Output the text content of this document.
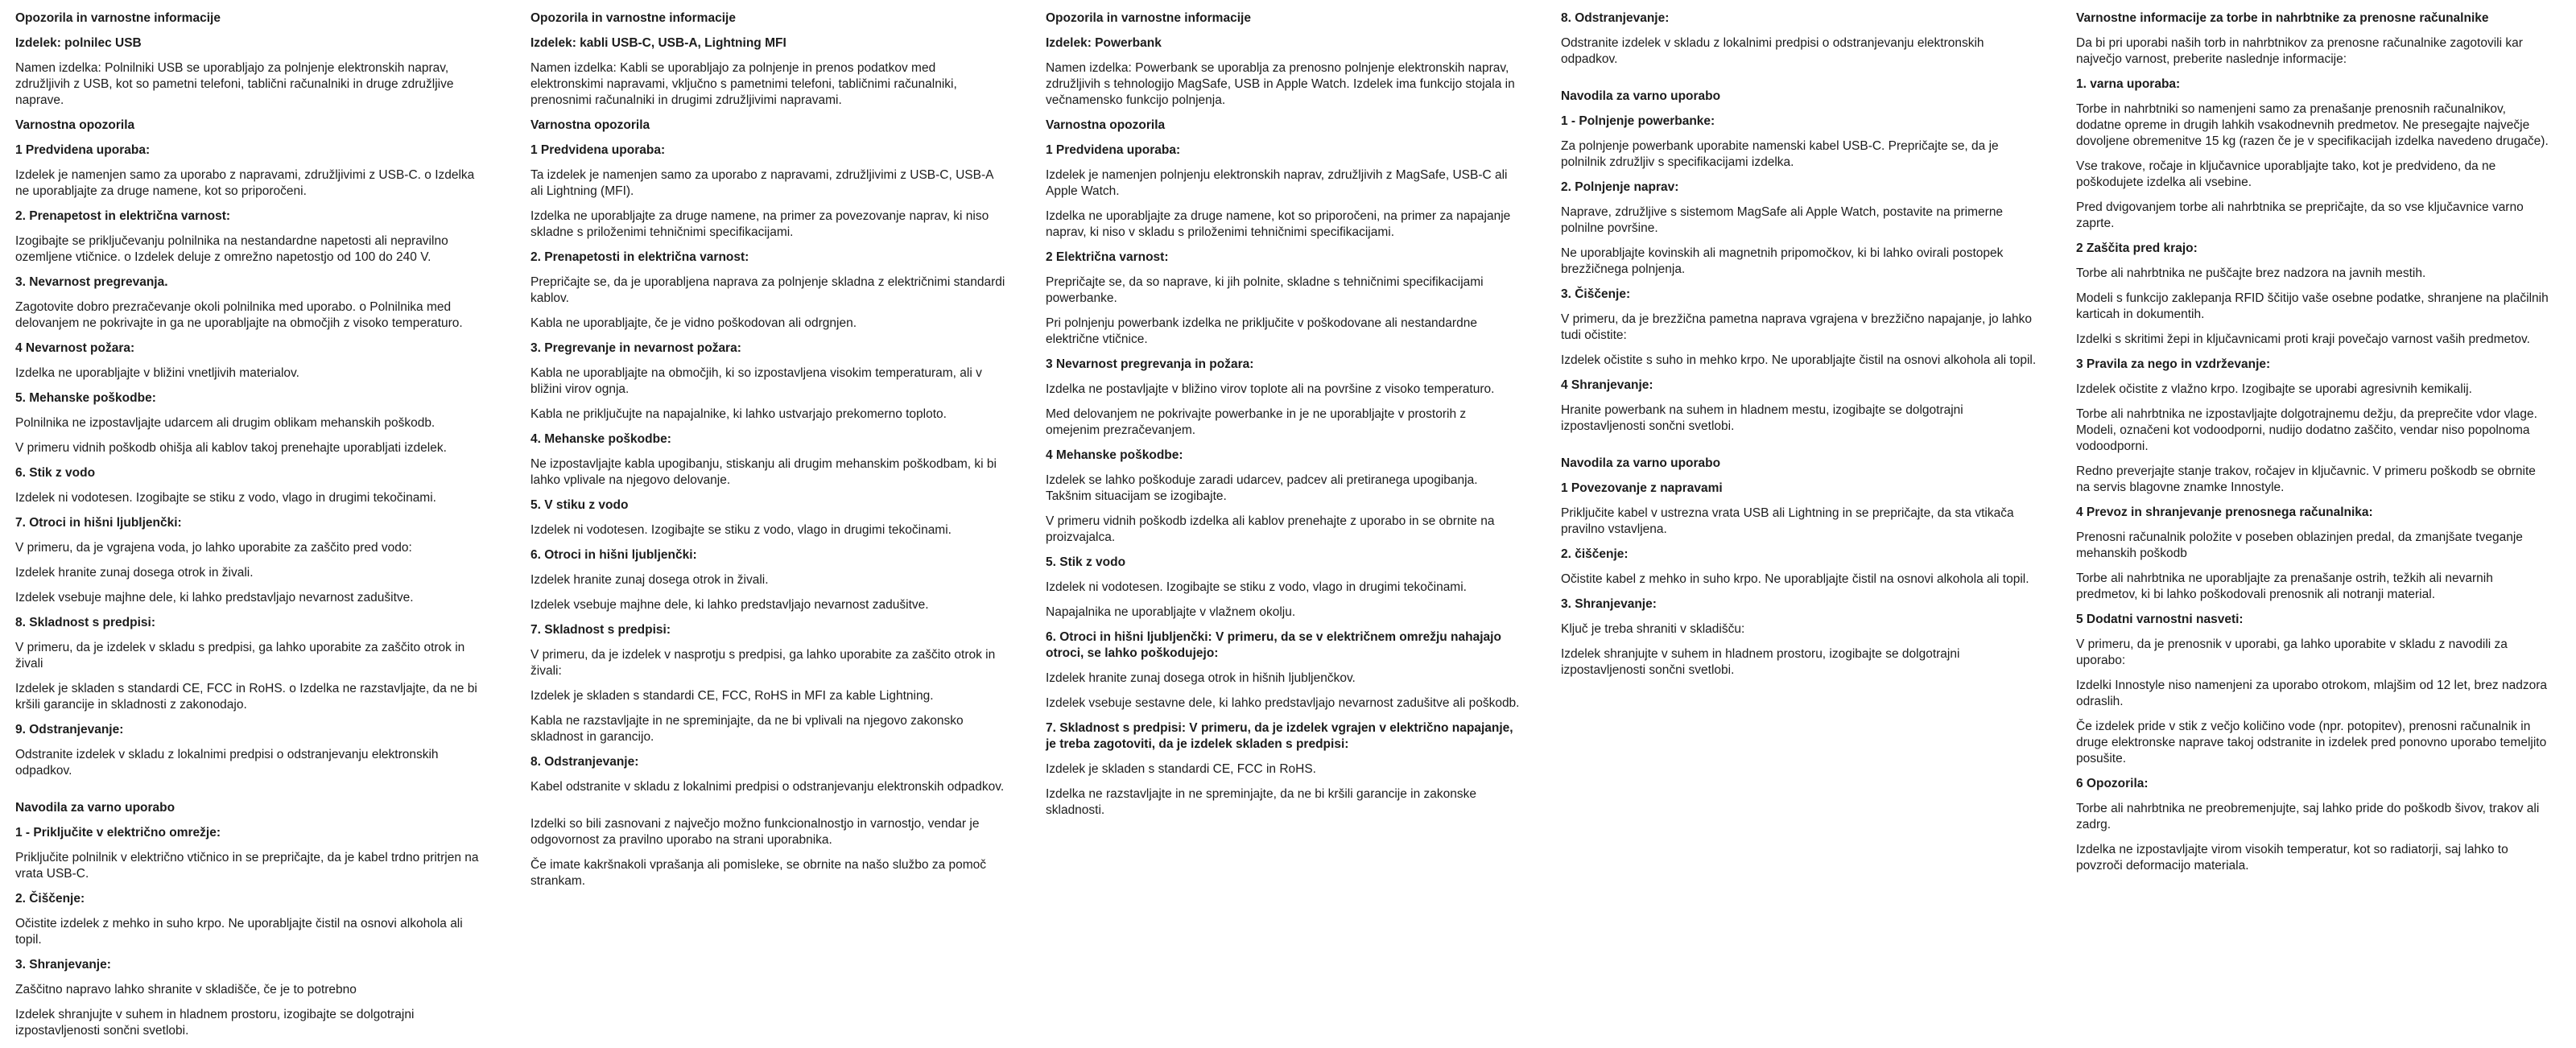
Opozorila in varnostne informacije
Izdelek: polnilec USB

Namen izdelka: Polnilniki USB se uporabljajo za polnjenje elektronskih naprav, združljivih z USB, kot so pametni telefoni, tablični računalniki in druge združljive naprave.

Varnostna opozorila
1 Predvidena uporaba:

Izdelek je namenjen samo za uporabo z napravami, združljivimi z USB-C. o Izdelka ne uporabljajte za druge namene, kot so priporočeni.

2. Prenapetost in električna varnost:

Izogibajte se priključevanju polnilnika na nestandardne napetosti ali nepravilno ozemljene vtičnice. o Izdelek deluje z omrežno napetostjo od 100 do 240 V.

3. Nevarnost pregrevanja.

Zagotovite dobro prezračevanje okoli polnilnika med uporabo. o Polnilnika med delovanjem ne pokrivajte in ga ne uporabljajte na območjih z visoko temperaturo.

4 Nevarnost požara:

Izdelka ne uporabljajte v bližini vnetljivih materialov.

5. Mehanske poškodbe:

Polnilnika ne izpostavljajte udarcem ali drugim oblikam mehanskih poškodb.

V primeru vidnih poškodb ohišja ali kablov takoj prenehajte uporabljati izdelek.

6. Stik z vodo

Izdelek ni vodotesen. Izogibajte se stiku z vodo, vlago in drugimi tekočinami.

7. Otroci in hišni ljubljenčki:

V primeru, da je vgrajena voda, jo lahko uporabite za zaščito pred vodo:

Izdelek hranite zunaj dosega otrok in živali.

Izdelek vsebuje majhne dele, ki lahko predstavljajo nevarnost zadušitve.

8. Skladnost s predpisi:

V primeru, da je izdelek v skladu s predpisi, ga lahko uporabite za zaščito otrok in živali

Izdelek je skladen s standardi CE, FCC in RoHS. o Izdelka ne razstavljajte, da ne bi kršili garancije in skladnosti z zakonodajo.

9. Odstranjevanje:

Odstranite izdelek v skladu z lokalnimi predpisi o odstranjevanju elektronskih odpadkov.

Navodila za varno uporabo
1 - Priključite v električno omrežje:

Priključite polnilnik v električno vtičnico in se prepričajte, da je kabel trdno pritrjen na vrata USB-C.

2. Čiščenje:

Očistite izdelek z mehko in suho krpo. Ne uporabljajte čistil na osnovi alkohola ali topil.

3. Shranjevanje:

Zaščitno napravo lahko shranite v skladišče, če je to potrebno

Izdelek shranjujte v suhem in hladnem prostoru, izogibajte se dolgotrajni izpostavljenosti sončni svetlobi.

Opozorila in varnostne informacije
Izdelek: kabli USB-C, USB-A, Lightning MFI

Namen izdelka: Kabli se uporabljajo za polnjenje in prenos podatkov med elektronskimi napravami, vključno s pametnimi telefoni, tabličnimi računalniki, prenosnimi računalniki in drugimi združljivimi napravami.

Varnostna opozorila
1 Predvidena uporaba:

Ta izdelek je namenjen samo za uporabo z napravami, združljivimi z USB-C, USB-A ali Lightning (MFI).

Izdelka ne uporabljajte za druge namene, na primer za povezovanje naprav, ki niso skladne s priloženimi tehničnimi specifikacijami.

2. Prenapetosti in električna varnost:

Prepričajte se, da je uporabljena naprava za polnjenje skladna z električnimi standardi kablov.

Kabla ne uporabljajte, če je vidno poškodovan ali odrgnjen.

3. Pregrevanje in nevarnost požara:

Kabla ne uporabljajte na območjih, ki so izpostavljena visokim temperaturam, ali v bližini virov ognja.

Kabla ne priključujte na napajalnike, ki lahko ustvarjajo prekomerno toploto.

4. Mehanske poškodbe:

Ne izpostavljajte kabla upogibanju, stiskanju ali drugim mehanskim poškodbam, ki bi lahko vplivale na njegovo delovanje.

5. V stiku z vodo

Izdelek ni vodotesen. Izogibajte se stiku z vodo, vlago in drugimi tekočinami.

6. Otroci in hišni ljubljenčki:

Izdelek hranite zunaj dosega otrok in živali.

Izdelek vsebuje majhne dele, ki lahko predstavljajo nevarnost zadušitve.

7. Skladnost s predpisi:

V primeru, da je izdelek v nasprotju s predpisi, ga lahko uporabite za zaščito otrok in živali:

Izdelek je skladen s standardi CE, FCC, RoHS in MFI za kable Lightning.

Kabla ne razstavljajte in ne spreminjajte, da ne bi vplivali na njegovo zakonsko skladnost in garancijo.

8. Odstranjevanje:

Kabel odstranite v skladu z lokalnimi predpisi o odstranjevanju elektronskih odpadkov.

Izdelki so bili zasnovani z največjo možno funkcionalnostjo in varnostjo, vendar je odgovornost za pravilno uporabo na strani uporabnika.

Če imate kakršnakoli vprašanja ali pomisleke, se obrnite na našo službo za pomoč strankam.

Opozorila in varnostne informacije
Izdelek: Powerbank

Namen izdelka: Powerbank se uporablja za prenosno polnjenje elektronskih naprav, združljivih s tehnologijo MagSafe, USB in Apple Watch. Izdelek ima funkcijo stojala in večnamensko funkcijo polnjenja.

Varnostna opozorila
1 Predvidena uporaba:

Izdelek je namenjen polnjenju elektronskih naprav, združljivih z MagSafe, USB-C ali Apple Watch.

Izdelka ne uporabljajte za druge namene, kot so priporočeni, na primer za napajanje naprav, ki niso v skladu s priloženimi tehničnimi specifikacijami.

2 Električna varnost:

Prepričajte se, da so naprave, ki jih polnite, skladne s tehničnimi specifikacijami powerbanke.

Pri polnjenju powerbank izdelka ne priključite v poškodovane ali nestandardne električne vtičnice.

3 Nevarnost pregrevanja in požara:

Izdelka ne postavljajte v bližino virov toplote ali na površine z visoko temperaturo.

Med delovanjem ne pokrivajte powerbanke in je ne uporabljajte v prostorih z omejenim prezračevanjem.

4 Mehanske poškodbe:

Izdelek se lahko poškoduje zaradi udarcev, padcev ali pretiranega upogibanja. Takšnim situacijam se izogibajte.

V primeru vidnih poškodb izdelka ali kablov prenehajte z uporabo in se obrnite na proizvajalca.

5. Stik z vodo

Izdelek ni vodotesen. Izogibajte se stiku z vodo, vlago in drugimi tekočinami.

Napajalnika ne uporabljajte v vlažnem okolju.

6. Otroci in hišni ljubljenčki: V primeru, da se v električnem omrežju nahajajo otroci, se lahko poškodujejo:

Izdelek hranite zunaj dosega otrok in hišnih ljubljenčkov.

Izdelek vsebuje sestavne dele, ki lahko predstavljajo nevarnost zadušitve ali poškodb.

7. Skladnost s predpisi: V primeru, da je izdelek vgrajen v električno napajanje, je treba zagotoviti, da je izdelek skladen s predpisi:

Izdelek je skladen s standardi CE, FCC in RoHS.

Izdelka ne razstavljajte in ne spreminjajte, da ne bi kršili garancije in zakonske skladnosti.

8. Odstranjevanje:

Odstranite izdelek v skladu z lokalnimi predpisi o odstranjevanju elektronskih odpadkov.

Navodila za varno uporabo
1 - Polnjenje powerbanke:

Za polnjenje powerbank uporabite namenski kabel USB-C. Prepričajte se, da je polnilnik združljiv s specifikacijami izdelka.

2. Polnjenje naprav:

Naprave, združljive s sistemom MagSafe ali Apple Watch, postavite na primerne polnilne površine.

Ne uporabljajte kovinskih ali magnetnih pripomočkov, ki bi lahko ovirali postopek brezžičnega polnjenja.

3. Čiščenje:

V primeru, da je brezžična pametna naprava vgrajena v brezžično napajanje, jo lahko tudi očistite:

Izdelek očistite s suho in mehko krpo. Ne uporabljajte čistil na osnovi alkohola ali topil.

4 Shranjevanje:

Hranite powerbank na suhem in hladnem mestu, izogibajte se dolgotrajni izpostavljenosti sončni svetlobi.

Navodila za varno uporabo
1 Povezovanje z napravami

Priključite kabel v ustrezna vrata USB ali Lightning in se prepričajte, da sta vtikača pravilno vstavljena.

2. čiščenje:

Očistite kabel z mehko in suho krpo. Ne uporabljajte čistil na osnovi alkohola ali topil.

3. Shranjevanje:

Ključ je treba shraniti v skladišču:

Izdelek shranjujte v suhem in hladnem prostoru, izogibajte se dolgotrajni izpostavljenosti sončni svetlobi.

Varnostne informacije za torbe in nahrbtnike za prenosne računalnike

Da bi pri uporabi naših torb in nahrbtnikov za prenosne računalnike zagotovili kar največjo varnost, preberite naslednje informacije:

1. varna uporaba:

Torbe in nahrbtniki so namenjeni samo za prenašanje prenosnih računalnikov, dodatne opreme in drugih lahkih vsakodnevnih predmetov. Ne presegajte največje dovoljene obremenitve 15 kg (razen če je v specifikacijah izdelka navedeno drugače).

Vse trakove, ročaje in ključavnice uporabljajte tako, kot je predvideno, da ne poškodujete izdelka ali vsebine.

Pred dvigovanjem torbe ali nahrbtnika se prepričajte, da so vse ključavnice varno zaprte.

2 Zaščita pred krajo:

Torbe ali nahrbtnika ne puščajte brez nadzora na javnih mestih.

Modeli s funkcijo zaklepanja RFID ščitijo vaše osebne podatke, shranjene na plačilnih karticah in dokumentih.

Izdelki s skritimi žepi in ključavnicami proti kraji povečajo varnost vaših predmetov.

3 Pravila za nego in vzdrževanje:

Izdelek očistite z vlažno krpo. Izogibajte se uporabi agresivnih kemikalij.

Torbe ali nahrbtnika ne izpostavljajte dolgotrajnemu dežju, da preprečite vdor vlage. Modeli, označeni kot vodoodporni, nudijo dodatno zaščito, vendar niso popolnoma vodoodporni.

Redno preverjajte stanje trakov, ročajev in ključavnic. V primeru poškodb se obrnite na servis blagovne znamke Innostyle.

4 Prevoz in shranjevanje prenosnega računalnika:

Prenosni računalnik položite v poseben oblazinjen predal, da zmanjšate tveganje mehanskih poškodb

Torbe ali nahrbtnika ne uporabljajte za prenašanje ostrih, težkih ali nevarnih predmetov, ki bi lahko poškodovali prenosnik ali notranji material.

5 Dodatni varnostni nasveti:

V primeru, da je prenosnik v uporabi, ga lahko uporabite v skladu z navodili za uporabo:

Izdelki Innostyle niso namenjeni za uporabo otrokom, mlajšim od 12 let, brez nadzora odraslih.

Če izdelek pride v stik z večjo količino vode (npr. potopitev), prenosni računalnik in druge elektronske naprave takoj odstranite in izdelek pred ponovno uporabo temeljito posušite.

6 Opozorila:

Torbe ali nahrbtnika ne preobremenjujte, saj lahko pride do poškodb šivov, trakov ali zadrg.

Izdelka ne izpostavljajte virom visokih temperatur, kot so radiatorji, saj lahko to povzroči deformacijo materiala.
